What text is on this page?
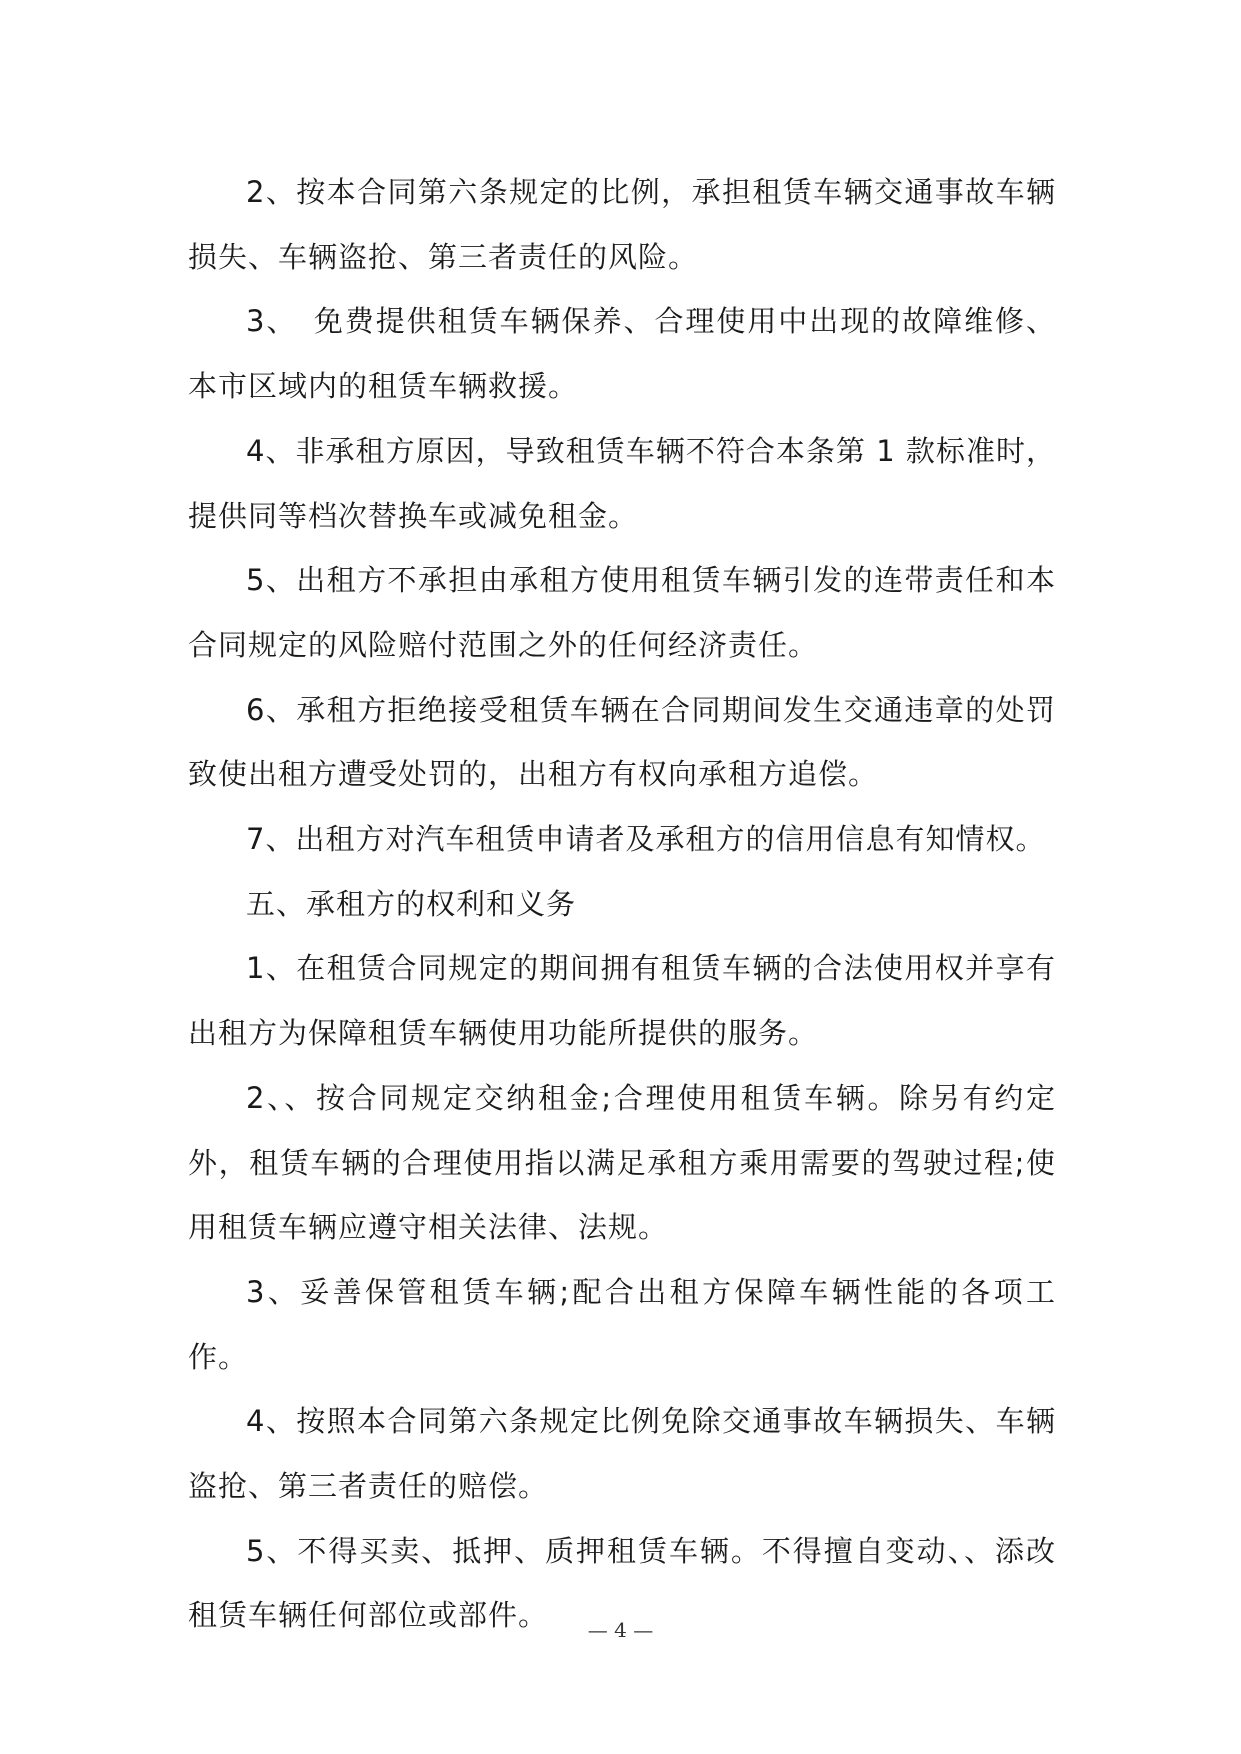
2、按本合同第六条规定的比例，承担租赁车辆交通事故车辆损失、车辆盗抢、第三者责任的风险。

3、　免费提供租赁车辆保养、合理使用中出现的故障维修、本市区域内的租赁车辆救援。

4、非承租方原因，导致租赁车辆不符合本条第 1 款标准时，提供同等档次替换车或减免租金。

5、出租方不承担由承租方使用租赁车辆引发的连带责任和本合同规定的风险赔付范围之外的任何经济责任。

6、承租方拒绝接受租赁车辆在合同期间发生交通违章的处罚致使出租方遭受处罚的，出租方有权向承租方追偿。

7、出租方对汽车租赁申请者及承租方的信用信息有知情权。

五、承租方的权利和义务

1、在租赁合同规定的期间拥有租赁车辆的合法使用权并享有出租方为保障租赁车辆使用功能所提供的服务。

2、、按合同规定交纳租金;合理使用租赁车辆。除另有约定外，租赁车辆的合理使用指以满足承租方乘用需要的驾驶过程;使用租赁车辆应遵守相关法律、法规。

3、妥善保管租赁车辆;配合出租方保障车辆性能的各项工作。

4、按照本合同第六条规定比例免除交通事故车辆损失、车辆盗抢、第三者责任的赔偿。

5、不得买卖、抵押、质押租赁车辆。不得擅自变动、、添改租赁车辆任何部位或部件。	— 4 —
